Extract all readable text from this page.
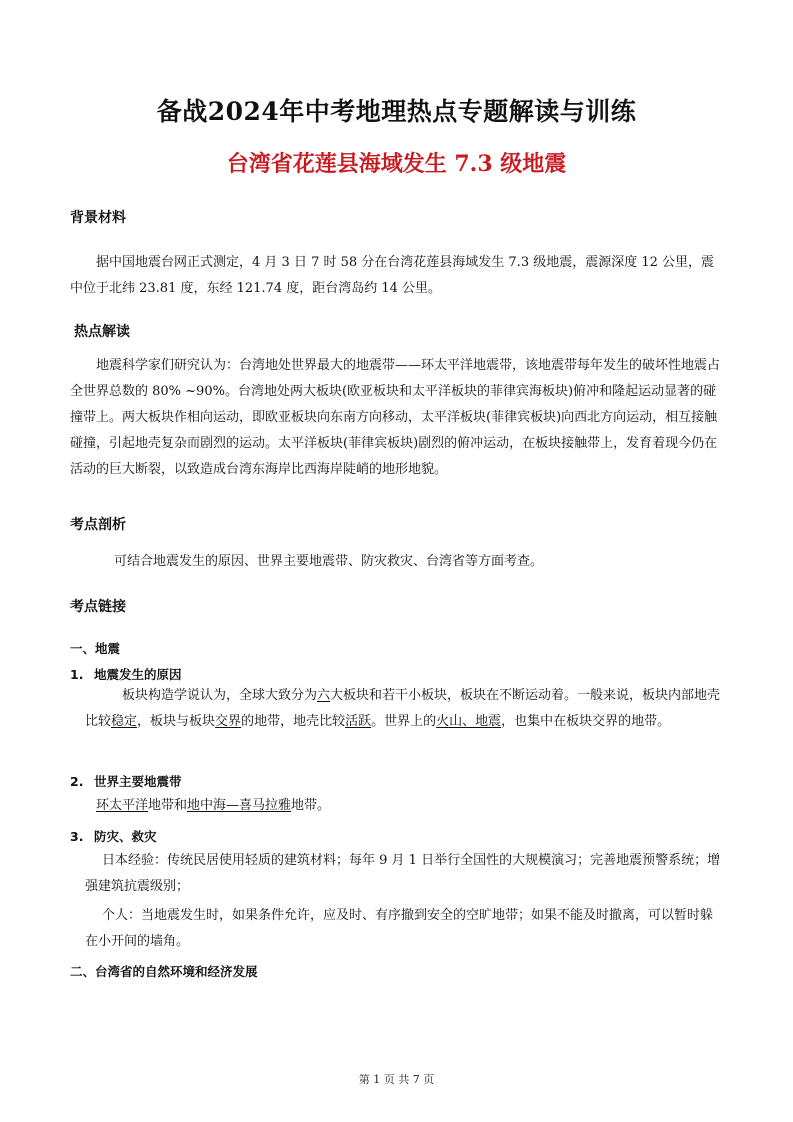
备战2024年中考地理热点专题解读与训练
台湾省花莲县海域发生 7.3 级地震
背景材料
据中国地震台网正式测定，4 月 3 日 7 时 58 分在台湾花莲县海域发生 7.3 级地震，震源深度 12 公里，震中位于北纬 23.81 度，东经 121.74 度，距台湾岛约 14 公里。
热点解读
地震科学家们研究认为：台湾地处世界最大的地震带——环太平洋地震带，该地震带每年发生的破坏性地震占全世界总数的 80% ~90%。台湾地处两大板块(欧亚板块和太平洋板块的菲律宾海板块)俯冲和隆起运动显著的碰撞带上。两大板块作相向运动，即欧亚板块向东南方向移动，太平洋板块(菲律宾板块)向西北方向运动，相互接触碰撞，引起地壳复杂而剧烈的运动。太平洋板块(菲律宾板块)剧烈的俯冲运动，在板块接触带上，发育着现今仍在活动的巨大断裂，以致造成台湾东海岸比西海岸陡峭的地形地貌。
考点剖析
可结合地震发生的原因、世界主要地震带、防灾救灾、台湾省等方面考查。
考点链接
一、地震
1. 地震发生的原因
板块构造学说认为，全球大致分为六大板块和若干小板块，板块在不断运动着。一般来说，板块内部地壳比较稳定，板块与板块交界的地带，地壳比较活跃。世界上的火山、地震，也集中在板块交界的地带。
2. 世界主要地震带
环太平洋地带和地中海—喜马拉雅地带。
3. 防灾、救灾
日本经验：传统民居使用轻质的建筑材料；每年 9 月 1 日举行全国性的大规模演习；完善地震预警系统；增强建筑抗震级别；
个人：当地震发生时，如果条件允许，应及时、有序撤到安全的空旷地带；如果不能及时撤离，可以暂时躲在小开间的墙角。
二、台湾省的自然环境和经济发展
第 1 页 共 7 页
